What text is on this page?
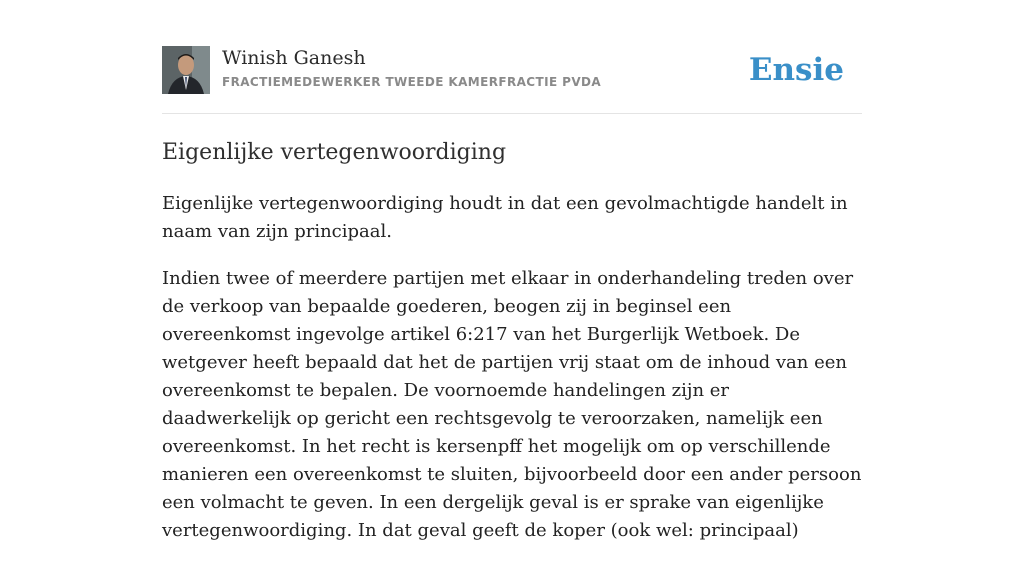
Winish Ganesh
FRACTIEMEDEWERKER TWEEDE KAMERFRACTIE PVDA	Ensie
Eigenlijke vertegenwoordiging

Eigenlijke vertegenwoordiging houdt in dat een gevolmachtigde handelt in naam van zijn principaal.

Indien twee of meerdere partijen met elkaar in onderhandeling treden over de verkoop van bepaalde goederen, beogen zij in beginsel een overeenkomst ingevolge artikel 6:217 van het Burgerlijk Wetboek. De wetgever heeft bepaald dat het de partijen vrij staat om de inhoud van een overeenkomst te bepalen. De voornoemde handelingen zijn er daadwerkelijk op gericht een rechtsgevolg te veroorzaken, namelijk een overeenkomst. In het recht is kersenpff het mogelijk om op verschillende manieren een overeenkomst te sluiten, bijvoorbeeld door een ander persoon een volmacht te geven. In een dergelijk geval is er sprake van eigenlijke vertegenwoordiging. In dat geval geeft de koper (ook wel: principaal)
